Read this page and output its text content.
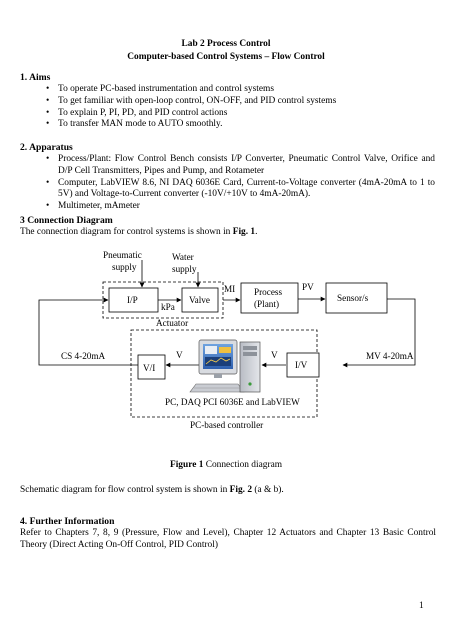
Lab 2 Process Control
Computer-based Control Systems – Flow Control
1. Aims
• To operate PC-based instrumentation and control systems
• To get familiar with open-loop control, ON-OFF, and PID control systems
• To explain P, PI, PD, and PID control actions
• To transfer MAN mode to AUTO smoothly.
2. Apparatus
• Process/Plant: Flow Control Bench consists I/P Converter, Pneumatic Control Valve, Orifice and D/P Cell Transmitters, Pipes and Pump, and Rotameter
• Computer, LabVIEW 8.6, NI DAQ 6036E Card, Current-to-Voltage converter (4mA-20mA to 1 to 5V) and Voltage-to-Current converter (-10V/+10V to 4mA-20mA).
• Multimeter, mAmeter
3 Connection Diagram
The connection diagram for control systems is shown in Fig. 1.
Pneumatic
supply
Water
supply
I/P	Valve
kPa
Actuator
MI Process
(Plant)
PV
Sensor/s
MV 4-20mA
CS 4-20mA
V/I	I/V
V	V
PC, DAQ PCI 6036E and LabVIEW
PC-based controller
Figure 1 Connection diagram
Schematic diagram for flow control system is shown in Fig. 2 (a & b).
4. Further Information
Refer to Chapters 7, 8, 9 (Pressure, Flow and Level), Chapter 12 Actuators and Chapter 13 Basic Control Theory (Direct Acting On-Off Control, PID Control)
1
